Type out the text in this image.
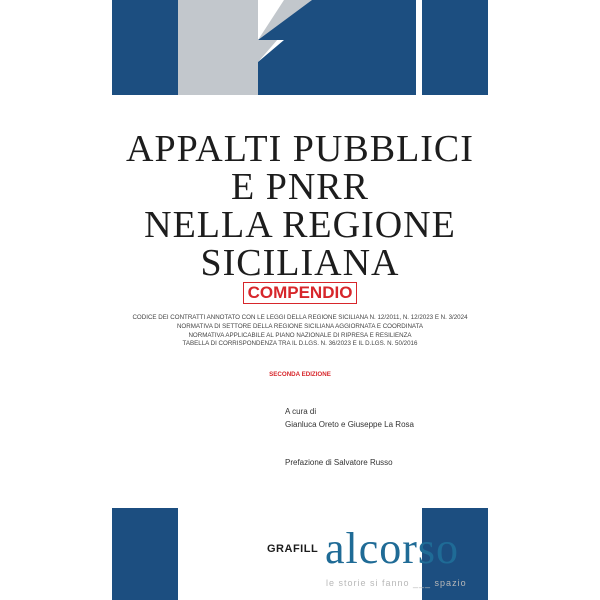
APPALTI PUBBLICI
E PNRR
NELLA REGIONE
SICILIANA
COMPENDIO
CODICE DEI CONTRATTI ANNOTATO CON LE LEGGI DELLA REGIONE SICILIANA N. 12/2011, N. 12/2023 E N. 3/2024
NORMATIVA DI SETTORE DELLA REGIONE SICILIANA AGGIORNATA E COORDINATA
NORMATIVA APPLICABILE AL PIANO NAZIONALE DI RIPRESA E RESILIENZA
TABELLA DI CORRISPONDENZA TRA IL D.LGS. N. 36/2023 E IL D.LGS. N. 50/2016
SECONDA EDIZIONE
A cura di
Gianluca Oreto e Giuseppe La Rosa
Prefazione di Salvatore Russo
GRAFILL alcorso
le storie si fanno ___ spazio
